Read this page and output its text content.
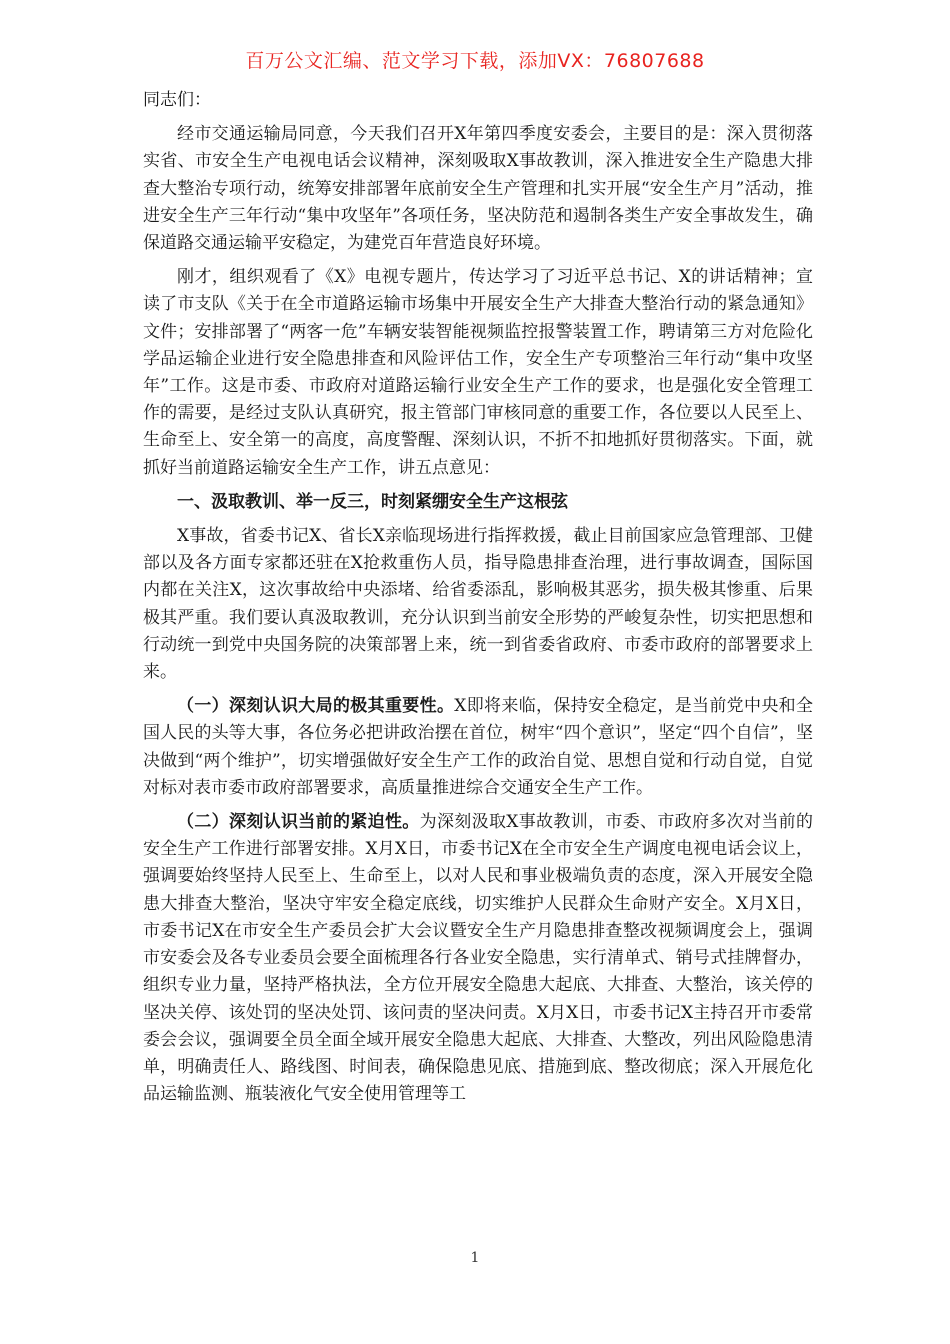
百万公文汇编、范文学习下载，添加VX：76807688

同志们：

经市交通运输局同意，今天我们召开X年第四季度安委会，主要目的是：深入贯彻落实省、市安全生产电视电话会议精神，深刻吸取X事故教训，深入推进安全生产隐患大排查大整治专项行动，统筹安排部署年底前安全生产管理和扎实开展“安全生产月”活动，推进安全生产三年行动“集中攻坚年”各项任务，坚决防范和遏制各类生产安全事故发生，确保道路交通运输平安稳定，为建党百年营造良好环境。

刚才，组织观看了《X》电视专题片，传达学习了习近平总书记、X的讲话精神；宣读了市支队《关于在全市道路运输市场集中开展安全生产大排查大整治行动的紧急通知》文件；安排部署了“两客一危”车辆安装智能视频监控报警装置工作，聘请第三方对危险化学品运输企业进行安全隐患排查和风险评估工作，安全生产专项整治三年行动“集中攻坚年”工作。这是市委、市政府对道路运输行业安全生产工作的要求，也是强化安全管理工作的需要，是经过支队认真研究，报主管部门审核同意的重要工作，各位要以人民至上、生命至上、安全第一的高度，高度警醒、深刻认识，不折不扣地抓好贯彻落实。下面，就抓好当前道路运输安全生产工作，讲五点意见：

一、汲取教训、举一反三，时刻紧绷安全生产这根弦

X事故，省委书记X、省长X亲临现场进行指挥救援，截止目前国家应急管理部、卫健部以及各方面专家都还驻在X抢救重伤人员，指导隐患排查治理，进行事故调查，国际国内都在关注X，这次事故给中央添堵、给省委添乱，影响极其恶劣，损失极其惨重、后果极其严重。我们要认真汲取教训，充分认识到当前安全形势的严峻复杂性，切实把思想和行动统一到党中央国务院的决策部署上来，统一到省委省政府、市委市政府的部署要求上来。

（一）深刻认识大局的极其重要性。X即将来临，保持安全稳定，是当前党中央和全国人民的头等大事，各位务必把讲政治摆在首位，树牢“四个意识”，坚定“四个自信”，坚决做到“两个维护”，切实增强做好安全生产工作的政治自觉、思想自觉和行动自觉，自觉对标对表市委市政府部署要求，高质量推进综合交通安全生产工作。

（二）深刻认识当前的紧迫性。为深刻汲取X事故教训，市委、市政府多次对当前的安全生产工作进行部署安排。X月X日，市委书记X在全市安全生产调度电视电话会议上，强调要始终坚持人民至上、生命至上，以对人民和事业极端负责的态度，深入开展安全隐患大排查大整治，坚决守牢安全稳定底线，切实维护人民群众生命财产安全。X月X日，市委书记X在市安全生产委员会扩大会议暨安全生产月隐患排查整改视频调度会上，强调市安委会及各专业委员会要全面梳理各行各业安全隐患，实行清单式、销号式挂牌督办，组织专业力量，坚持严格执法，全方位开展安全隐患大起底、大排查、大整治，该关停的坚决关停、该处罚的坚决处罚、该问责的坚决问责。X月X日，市委书记X主持召开市委常委会会议，强调要全员全面全域开展安全隐患大起底、大排查、大整改，列出风险隐患清单，明确责任人、路线图、时间表，确保隐患见底、措施到底、整改彻底；深入开展危化品运输监测、瓶装液化气安全使用管理等工

1
